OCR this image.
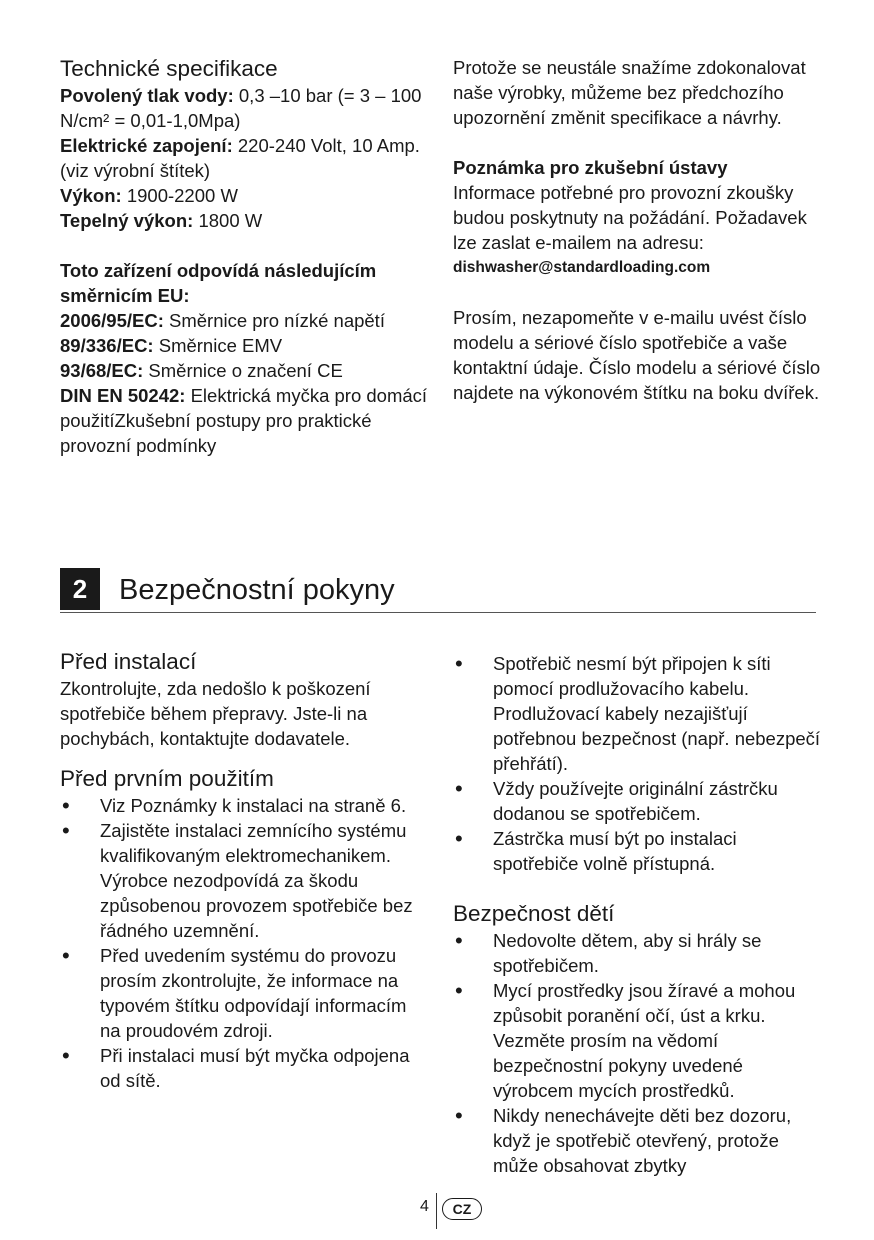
Technické specifikace

Povolený tlak vody: 0,3 –10 bar (= 3 – 100 N/cm² = 0,01-1,0Mpa)

Elektrické zapojení: 220-240 Volt, 10 Amp. (viz výrobní štítek)

Výkon: 1900-2200 W

Tepelný výkon: 1800 W

Toto zařízení odpovídá následujícím směrnicím EU:

2006/95/EC: Směrnice pro nízké napětí

89/336/EC: Směrnice EMV

93/68/EC: Směrnice o značení CE

DIN EN 50242: Elektrická myčka pro domácí použitíZkušební postupy pro praktické provozní podmínky

Protože se neustále snažíme zdokonalovat naše výrobky, můžeme bez předchozího upozornění změnit specifikace a návrhy.

Poznámka pro zkušební ústavy

Informace potřebné pro provozní zkoušky budou poskytnuty na požádání. Požadavek lze zaslat e-mailem na adresu:

dishwasher@standardloading.com

Prosím, nezapomeňte v e-mailu uvést číslo modelu a sériové číslo spotřebiče a vaše kontaktní údaje. Číslo modelu a sériové číslo najdete na výkonovém štítku na boku dvířek.

2	Bezpečnostní pokyny
Před instalací

Zkontrolujte, zda nedošlo k poškození spotřebiče během přepravy. Jste-li na pochybách, kontaktujte dodavatele.

Před prvním použitím
• Viz Poznámky k instalaci na straně 6.
• Zajistěte instalaci zemnícího systému kvalifikovaným elektromechanikem. Výrobce nezodpovídá za škodu způsobenou provozem spotřebiče bez řádného uzemnění.
• Před uvedením systému do provozu prosím zkontrolujte, že informace na typovém štítku odpovídají informacím na proudovém zdroji.
• Při instalaci musí být myčka odpojena od sítě.
• Spotřebič nesmí být připojen k síti pomocí prodlužovacího kabelu. Prodlužovací kabely nezajišťují potřebnou bezpečnost (např. nebezpečí přehřátí).
• Vždy používejte originální zástrčku dodanou se spotřebičem.
• Zástrčka musí být po instalaci spotřebiče volně přístupná.
Bezpečnost dětí
• Nedovolte dětem, aby si hrály se spotřebičem.
• Mycí prostředky jsou žíravé a mohou způsobit poranění očí, úst a krku. Vezměte prosím na vědomí bezpečnostní pokyny uvedené výrobcem mycích prostředků.
• Nikdy nenechávejte děti bez dozoru, když je spotřebič otevřený, protože může obsahovat zbytky
4	CZ
